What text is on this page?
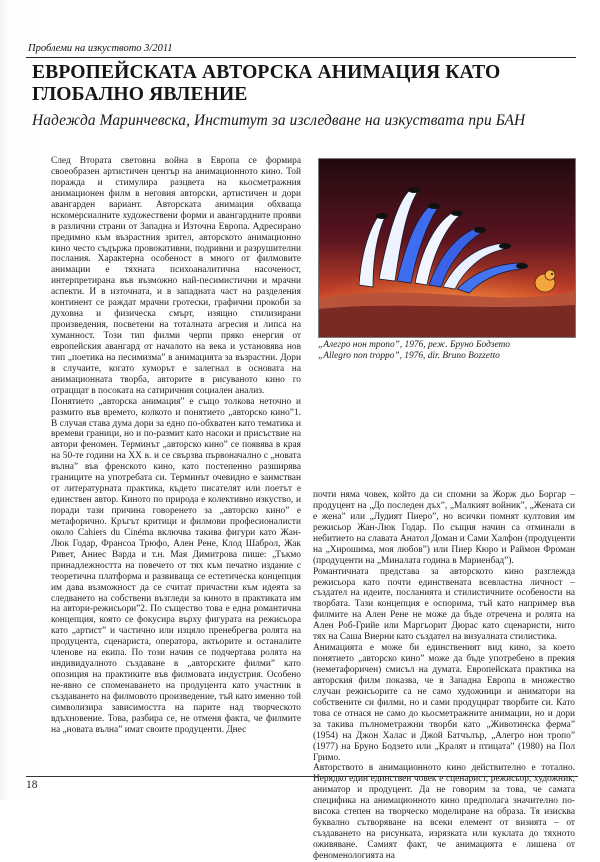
Проблеми на изкуството 3/2011
ЕВРОПЕЙСКАТА АВТОРСКА АНИМАЦИЯ КАТО ГЛОБАЛНО ЯВЛЕНИЕ
Надежда Маринчевска, Институт за изследване на изкуствата при БАН

След Втората световна война в Европа се формира своеобразен артистичен център на анимационното кино. Той поражда и стимулира разцвета на кьосметражния анимационен филм в неговия авторски, артистичен и дори авангарден вариант. Авторската анимация обхваща нскомерсиалните художествени форми и авангардните прояви в различни страни от Западна и Източна Европа. Адресирано предимно към възрастния зрител, авторското анимационно кино често съдържа провокативни, подривни и разрушителни послания. Характерна особеност в много от филмовите анимации е тяхната психоаналитична насоченост, интерпретирана във възможно най-песимистични и мрачни аспекти. И в източната, и в западната част на разделения континент се раждат мрачни гротески, графични прокоби за духовна и физическа смърт, изящно стилизирани произведения, посветени на тоталната агресия и липса на хуманност. Този тип филми черпи пряко енергия от европейския авангард от началото на века и установява нов тип „поетика на песимизма” в анимацията за възрастни. Дори в случаите, когато хуморът е залегнал в основата на анимационната творба, авторите в рисуваното кино го отрацщат в посоката на сатиричния социален анализ.

Понятието „авторска анимация” е също толкова неточно и размито във времето, колкото и понятието „авторско кино”1. В случая става дума дори за едно по-обхватен като тематика и времеви граници, но и по-размит като насоки и присъствие на автори феномен. Терминът „авторско кино” се появява в края на 50-те години на ХХ в. и се свързва първоначално с „новата вълна” във френското кино, като постепенно разширява границите на употребата си. Терминът очевидно е заимстван от литературната практика, където писателят или поетът е единствен автор. Киното по природа е колективно изкуство, и поради тази причина говоренето за „авторско кино” е метафорично. Кръгът критици и филмови професионалисти около Cahiers du Cinéma включва такива фигури като Жан-Люк Годар, Франсоа Трюфо, Ален Рене, Клод Шаброл, Жак Ривет, Аниес Варда и т.н. Мая Димитрова пише: „Тъкмо принадлежността на повечето от тях към печатно издание с теоретична платформа и развиваща се естетическа концепция им дава възможност да се считат причастни към идеята за следването на собствени възгледи за киното в практиката им на автори-режисьори”2. По същество това е една романтична концепция, която се фокусира върху фигурата на режисьора като „артист” и частично или изцяло пренебрегва ролята на продуцента, сценариста, оператора, актьорите и останалите членове на екипа. По този начин се подчертава ролята на индивидуалното създаване в „авторските филми” като опозиция на практиките във филмовата индустрия. Особено не-явно се споменаването на продуцента като участник в създаването на филмовото произведение, тъй като именно той символизира зависимостта на парите над творческото вдъхновение. Това, разбира се, не отменя факта, че филмите на „новата вълна” имат своите продуценти. Днес

„Алегро нон тропо”, 1976, реж. Бруно Бодзето
„Allegro non troppo”, 1976, dir. Bruno Bozzetto

почти няма човек, който да си спомни за Жорж дьо Боргар – продуцент на „До последен дъх”, „Малкият войник”, „Жената си е жена” или „Лудият Пиеро”, но всички помнят култовия им режисьор Жан-Люк Годар. По същия начин са отминали в небитието на славата Анатол Доман и Сами Халфон (продуценти на „Хирошима, моя любов”) или Пиер Кюро и Раймон Фроман (продуценти на „Миналата година в Мариенбад”).

Романтичната представа за авторското кино разглежда режисьора като почти единствената всевластна личност – създател на идеите, посланията и стилистичните особености на творбата. Тази концепция е оспорима, тъй като например във филмите на Ален Рене не може да бъде отречена и ролята на Ален Роб-Грийе или Маргьорит Дюрас като сценаристи, нито тях на Саша Виерни като създател на визуалната стилистика.

Анимацията е може би единственият вид кино, за което понятието „авторско кино” може да бъде употребено в прекия (неметафоричен) смисъл на думата. Европейската практика на авторския филм показва, че в Западна Европа в множество случаи режисьорите са не само художници и аниматори на собствените си филми, но и сами продуцират творбите си. Като това се отнася не само до кьосметражните анимации, но и дори за такива пълнометражни творби като „Животинска ферма” (1954) на Джон Халас и Джой Батчълър, „Алегро нон тропо” (1977) на Бруно Бодзето или „Кралят и птицата” (1980) на Пол Гримо.

Авторството в анимационното кино действително е тотално. Нерядко един единствен човек е сценарист, режисьор, художник, аниматор и продуцент. Да не говорим за това, че самата специфика на анимационното кино предполага значително по-висока степен на творческо моделиране на образа. Тя изисква буквално сътворяване на всеки елемент от визията – от създаването на рисунката, изрязката или куклата до тяхното оживяване. Самият факт, че анимацията е лишена от феноменологията на

18
